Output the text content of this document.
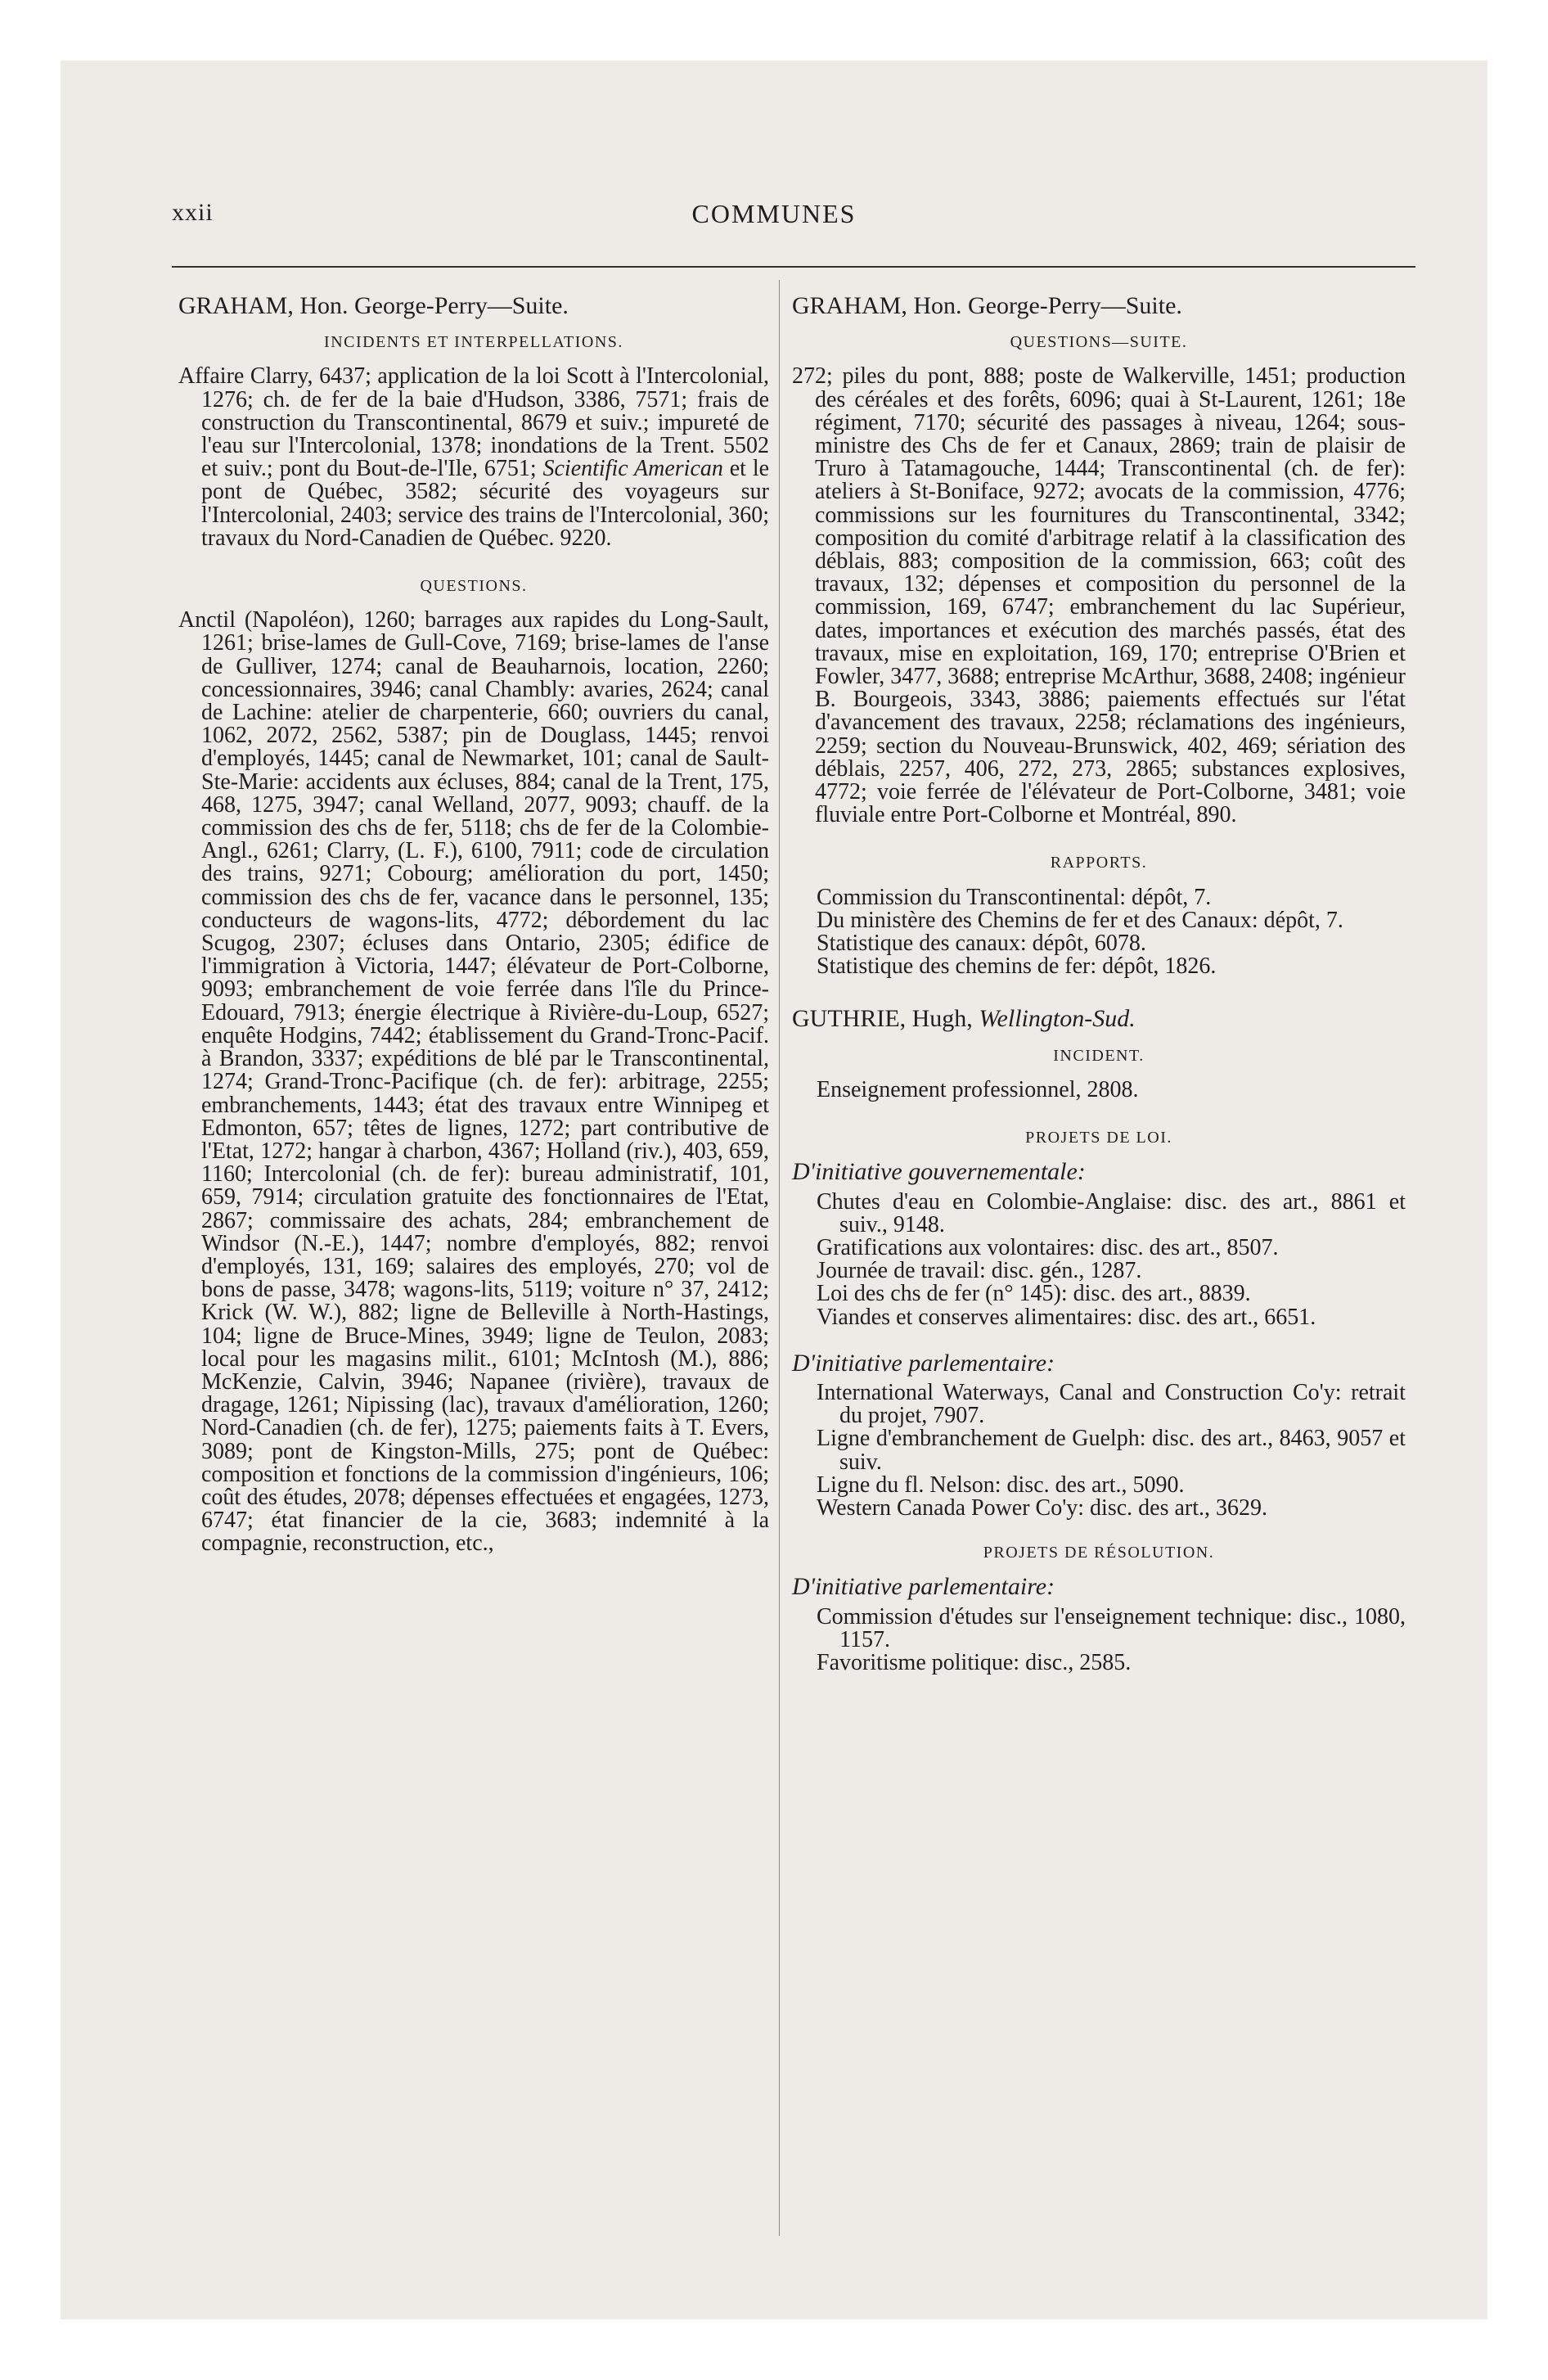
xxii	COMMUNES
GRAHAM, Hon. George-Perry—Suite.
INCIDENTS ET INTERPELLATIONS.

Affaire Clarry, 6437; application de la loi Scott à l'Intercolonial, 1276; ch. de fer de la baie d'Hudson, 3386, 7571; frais de construction du Transcontinental, 8679 et suiv.; impureté de l'eau sur l'Intercolonial, 1378; inondations de la Trent. 5502 et suiv.; pont du Bout-de-l'Ile, 6751; Scientific American et le pont de Québec, 3582; sécurité des voyageurs sur l'Intercolonial, 2403; service des trains de l'Intercolonial, 360; travaux du Nord-Canadien de Québec. 9220.

QUESTIONS.

Anctil (Napoléon), 1260; barrages aux rapides du Long-Sault, 1261; brise-lames de Gull-Cove, 7169; brise-lames de l'anse de Gulliver, 1274; canal de Beauharnois, location, 2260; concessionnaires, 3946; canal Chambly: avaries, 2624; canal de Lachine: atelier de charpenterie, 660; ouvriers du canal, 1062, 2072, 2562, 5387; pin de Douglass, 1445; renvoi d'employés, 1445; canal de Newmarket, 101; canal de Sault-Ste-Marie: accidents aux écluses, 884; canal de la Trent, 175, 468, 1275, 3947; canal Welland, 2077, 9093; chauff. de la commission des chs de fer, 5118; chs de fer de la Colombie-Angl., 6261; Clarry, (L. F.), 6100, 7911; code de circulation des trains, 9271; Cobourg; amélioration du port, 1450; commission des chs de fer, vacance dans le personnel, 135; conducteurs de wagons-lits, 4772; débordement du lac Scugog, 2307; écluses dans Ontario, 2305; édifice de l'immigration à Victoria, 1447; élévateur de Port-Colborne, 9093; embranchement de voie ferrée dans l'île du Prince-Edouard, 7913; énergie électrique à Rivière-du-Loup, 6527; enquête Hodgins, 7442; établissement du Grand-Tronc-Pacif. à Brandon, 3337; expéditions de blé par le Transcontinental, 1274; Grand-Tronc-Pacifique (ch. de fer): arbitrage, 2255; embranchements, 1443; état des travaux entre Winnipeg et Edmonton, 657; têtes de lignes, 1272; part contributive de l'Etat, 1272; hangar à charbon, 4367; Holland (riv.), 403, 659, 1160; Intercolonial (ch. de fer): bureau administratif, 101, 659, 7914; circulation gratuite des fonctionnaires de l'Etat, 2867; commissaire des achats, 284; embranchement de Windsor (N.-E.), 1447; nombre d'employés, 882; renvoi d'employés, 131, 169; salaires des employés, 270; vol de bons de passe, 3478; wagons-lits, 5119; voiture n° 37, 2412; Krick (W. W.), 882; ligne de Belleville à North-Hastings, 104; ligne de Bruce-Mines, 3949; ligne de Teulon, 2083; local pour les magasins milit., 6101; McIntosh (M.), 886; McKenzie, Calvin, 3946; Napanee (rivière), travaux de dragage, 1261; Nipissing (lac), travaux d'amélioration, 1260; Nord-Canadien (ch. de fer), 1275; paiements faits à T. Evers, 3089; pont de Kingston-Mills, 275; pont de Québec: composition et fonctions de la commission d'ingénieurs, 106; coût des études, 2078; dépenses effectuées et engagées, 1273, 6747; état financier de la cie, 3683; indemnité à la compagnie, reconstruction, etc.,

GRAHAM, Hon. George-Perry—Suite.
QUESTIONS—SUITE.

272; piles du pont, 888; poste de Walkerville, 1451; production des céréales et des forêts, 6096; quai à St-Laurent, 1261; 18e régiment, 7170; sécurité des passages à niveau, 1264; sous-ministre des Chs de fer et Canaux, 2869; train de plaisir de Truro à Tatamagouche, 1444; Transcontinental (ch. de fer): ateliers à St-Boniface, 9272; avocats de la commission, 4776; commissions sur les fournitures du Transcontinental, 3342; composition du comité d'arbitrage relatif à la classification des déblais, 883; composition de la commission, 663; coût des travaux, 132; dépenses et composition du personnel de la commission, 169, 6747; embranchement du lac Supérieur, dates, importances et exécution des marchés passés, état des travaux, mise en exploitation, 169, 170; entreprise O'Brien et Fowler, 3477, 3688; entreprise McArthur, 3688, 2408; ingénieur B. Bourgeois, 3343, 3886; paiements effectués sur l'état d'avancement des travaux, 2258; réclamations des ingénieurs, 2259; section du Nouveau-Brunswick, 402, 469; sériation des déblais, 2257, 406, 272, 273, 2865; substances explosives, 4772; voie ferrée de l'élévateur de Port-Colborne, 3481; voie fluviale entre Port-Colborne et Montréal, 890.

RAPPORTS.

Commission du Transcontinental: dépôt, 7.

Du ministère des Chemins de fer et des Canaux: dépôt, 7.

Statistique des canaux: dépôt, 6078.

Statistique des chemins de fer: dépôt, 1826.

GUTHRIE, Hugh, Wellington-Sud.
INCIDENT.

Enseignement professionnel, 2808.

PROJETS DE LOI.
D'initiative gouvernementale:

Chutes d'eau en Colombie-Anglaise: disc. des art., 8861 et suiv., 9148.

Gratifications aux volontaires: disc. des art., 8507.

Journée de travail: disc. gén., 1287.

Loi des chs de fer (n° 145): disc. des art., 8839.

Viandes et conserves alimentaires: disc. des art., 6651.

D'initiative parlementaire:

International Waterways, Canal and Construction Co'y: retrait du projet, 7907.

Ligne d'embranchement de Guelph: disc. des art., 8463, 9057 et suiv.

Ligne du fl. Nelson: disc. des art., 5090.

Western Canada Power Co'y: disc. des art., 3629.

PROJETS DE RÉSOLUTION.
D'initiative parlementaire:

Commission d'études sur l'enseignement technique: disc., 1080, 1157.

Favoritisme politique: disc., 2585.
